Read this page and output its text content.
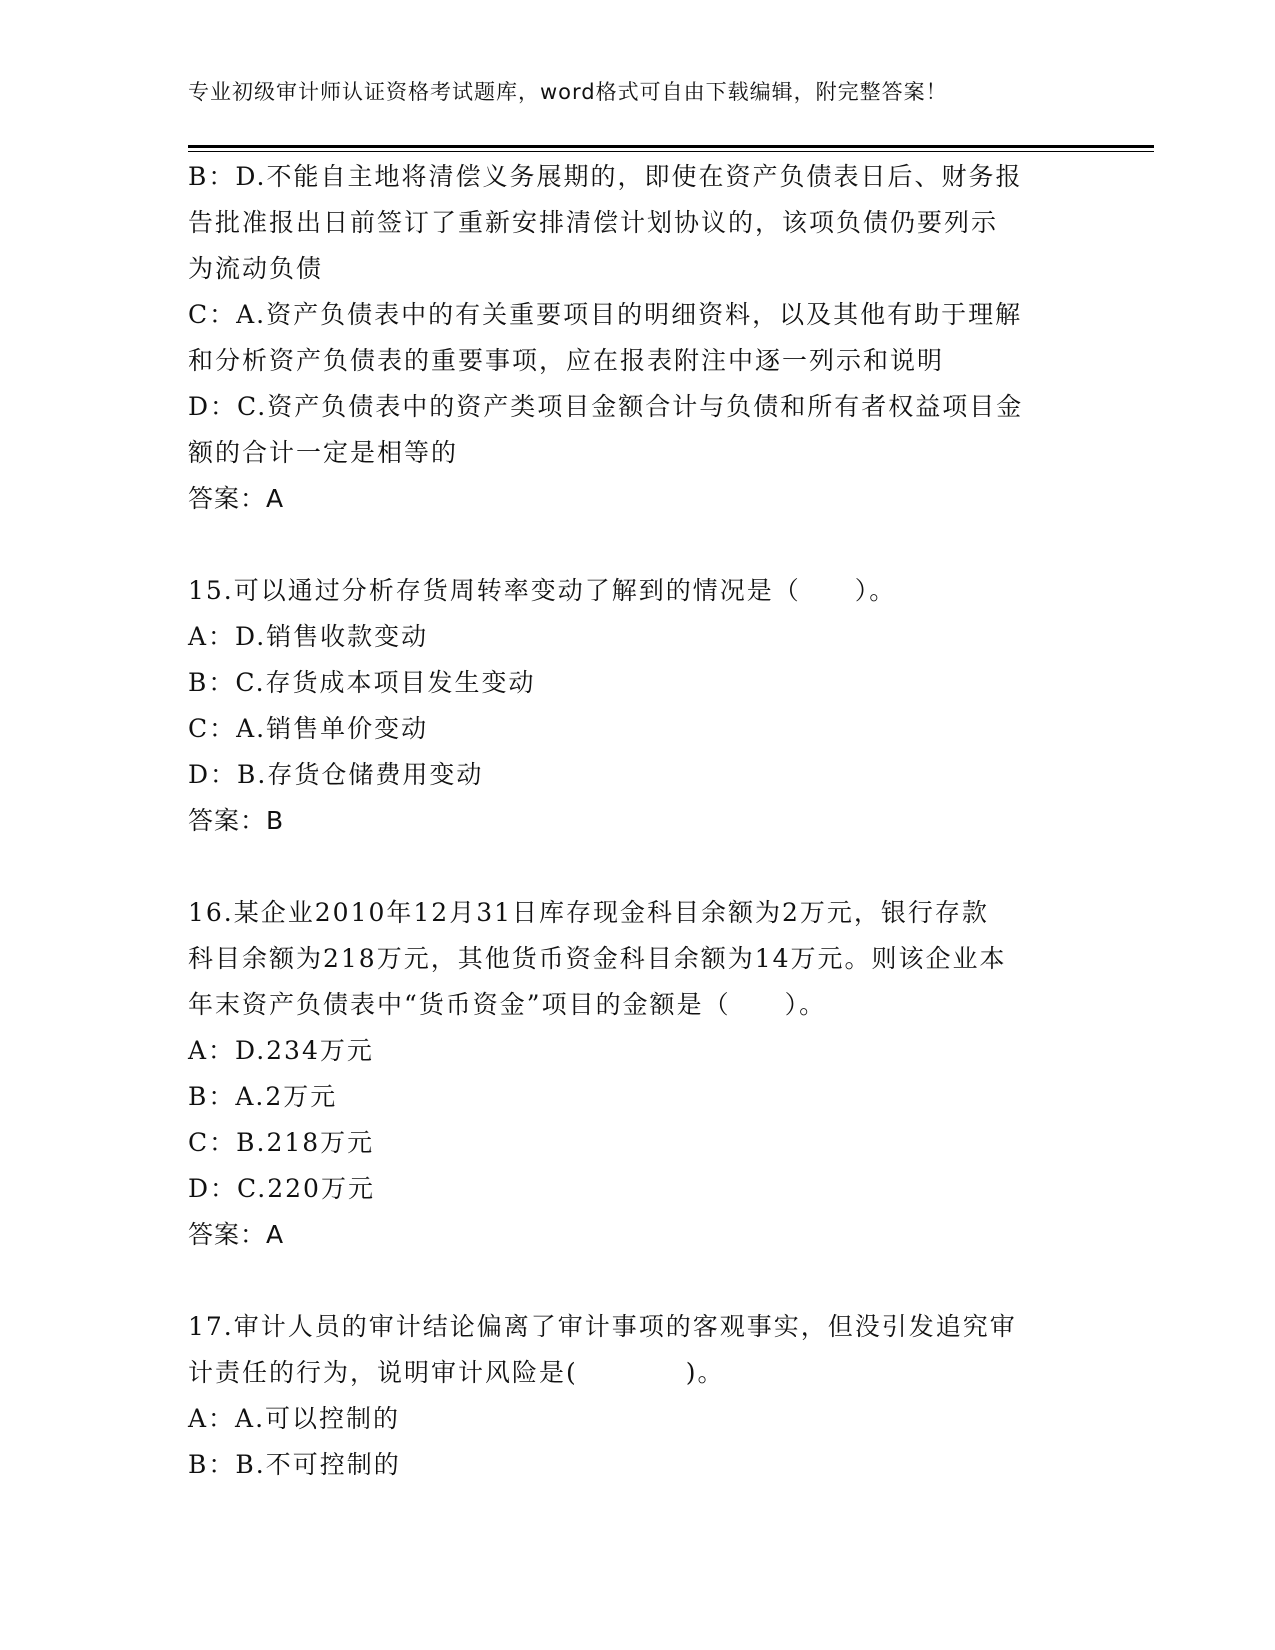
专业初级审计师认证资格考试题库，word格式可自由下载编辑，附完整答案！
B：D.不能自主地将清偿义务展期的，即使在资产负债表日后、财务报
告批准报出日前签订了重新安排清偿计划协议的，该项负债仍要列示
为流动负债
C：A.资产负债表中的有关重要项目的明细资料，以及其他有助于理解
和分析资产负债表的重要事项，应在报表附注中逐一列示和说明
D：C.资产负债表中的资产类项目金额合计与负债和所有者权益项目金
额的合计一定是相等的
答案：A
15.可以通过分析存货周转率变动了解到的情况是（　　）。
A：D.销售收款变动
B：C.存货成本项目发生变动
C：A.销售单价变动
D：B.存货仓储费用变动
答案：B
16.某企业2010年12月31日库存现金科目余额为2万元，银行存款
科目余额为218万元，其他货币资金科目余额为14万元。则该企业本
年末资产负债表中“货币资金”项目的金额是（　　）。
A：D.234万元
B：A.2万元
C：B.218万元
D：C.220万元
答案：A
17.审计人员的审计结论偏离了审计事项的客观事实，但没引发追究审
计责任的行为，说明审计风险是(　　　　)。
A：A.可以控制的
B：B.不可控制的
